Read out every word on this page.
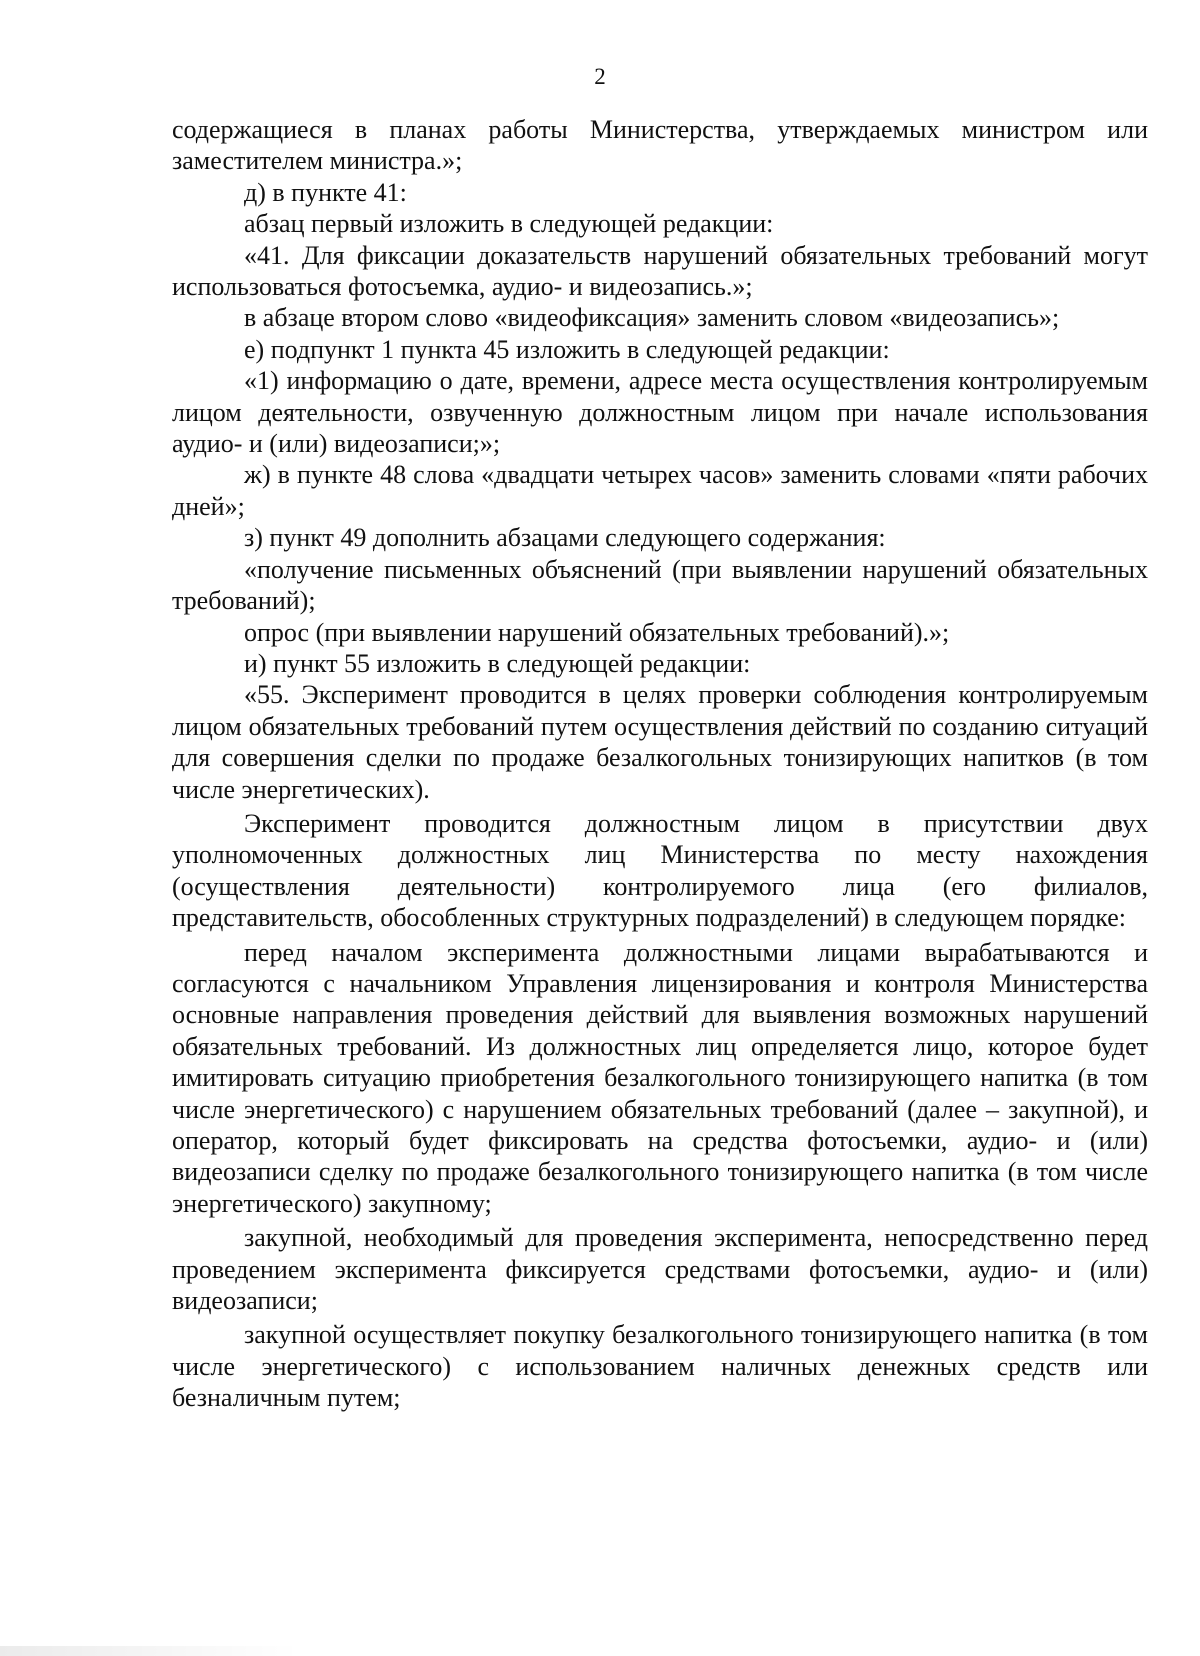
2

содержащиеся в планах работы Министерства, утверждаемых министром или заместителем министра.»;

д) в пункте 41:

абзац первый изложить в следующей редакции:

«41. Для фиксации доказательств нарушений обязательных требований могут использоваться фотосъемка, аудио- и видеозапись.»;

в абзаце втором слово «видеофиксация» заменить словом «видеозапись»;

е) подпункт 1 пункта 45 изложить в следующей редакции:

«1) информацию о дате, времени, адресе места осуществления контролируемым лицом деятельности, озвученную должностным лицом при начале использования аудио- и (или) видеозаписи;»;

ж) в пункте 48 слова «двадцати четырех часов» заменить словами «пяти рабочих дней»;

з) пункт 49 дополнить абзацами следующего содержания:

«получение письменных объяснений (при выявлении нарушений обязательных требований);

опрос (при выявлении нарушений обязательных требований).»;

и) пункт 55 изложить в следующей редакции:

«55. Эксперимент проводится в целях проверки соблюдения контролируемым лицом обязательных требований путем осуществления действий по созданию ситуаций для совершения сделки по продаже безалкогольных тонизирующих напитков (в том числе энергетических).

Эксперимент проводится должностным лицом в присутствии двух уполномоченных должностных лиц Министерства по месту нахождения (осуществления деятельности) контролируемого лица (его филиалов, представительств, обособленных структурных подразделений) в следующем порядке:

перед началом эксперимента должностными лицами вырабатываются и согласуются с начальником Управления лицензирования и контроля Министерства основные направления проведения действий для выявления возможных нарушений обязательных требований. Из должностных лиц определяется лицо, которое будет имитировать ситуацию приобретения безалкогольного тонизирующего напитка (в том числе энергетического) с нарушением обязательных требований (далее – закупной), и оператор, который будет фиксировать на средства фотосъемки, аудио- и (или) видеозаписи сделку по продаже безалкогольного тонизирующего напитка (в том числе энергетического) закупному;

закупной, необходимый для проведения эксперимента, непосредственно перед проведением эксперимента фиксируется средствами фотосъемки, аудио- и (или) видеозаписи;

закупной осуществляет покупку безалкогольного тонизирующего напитка (в том числе энергетического) с использованием наличных денежных средств или безналичным путем;
